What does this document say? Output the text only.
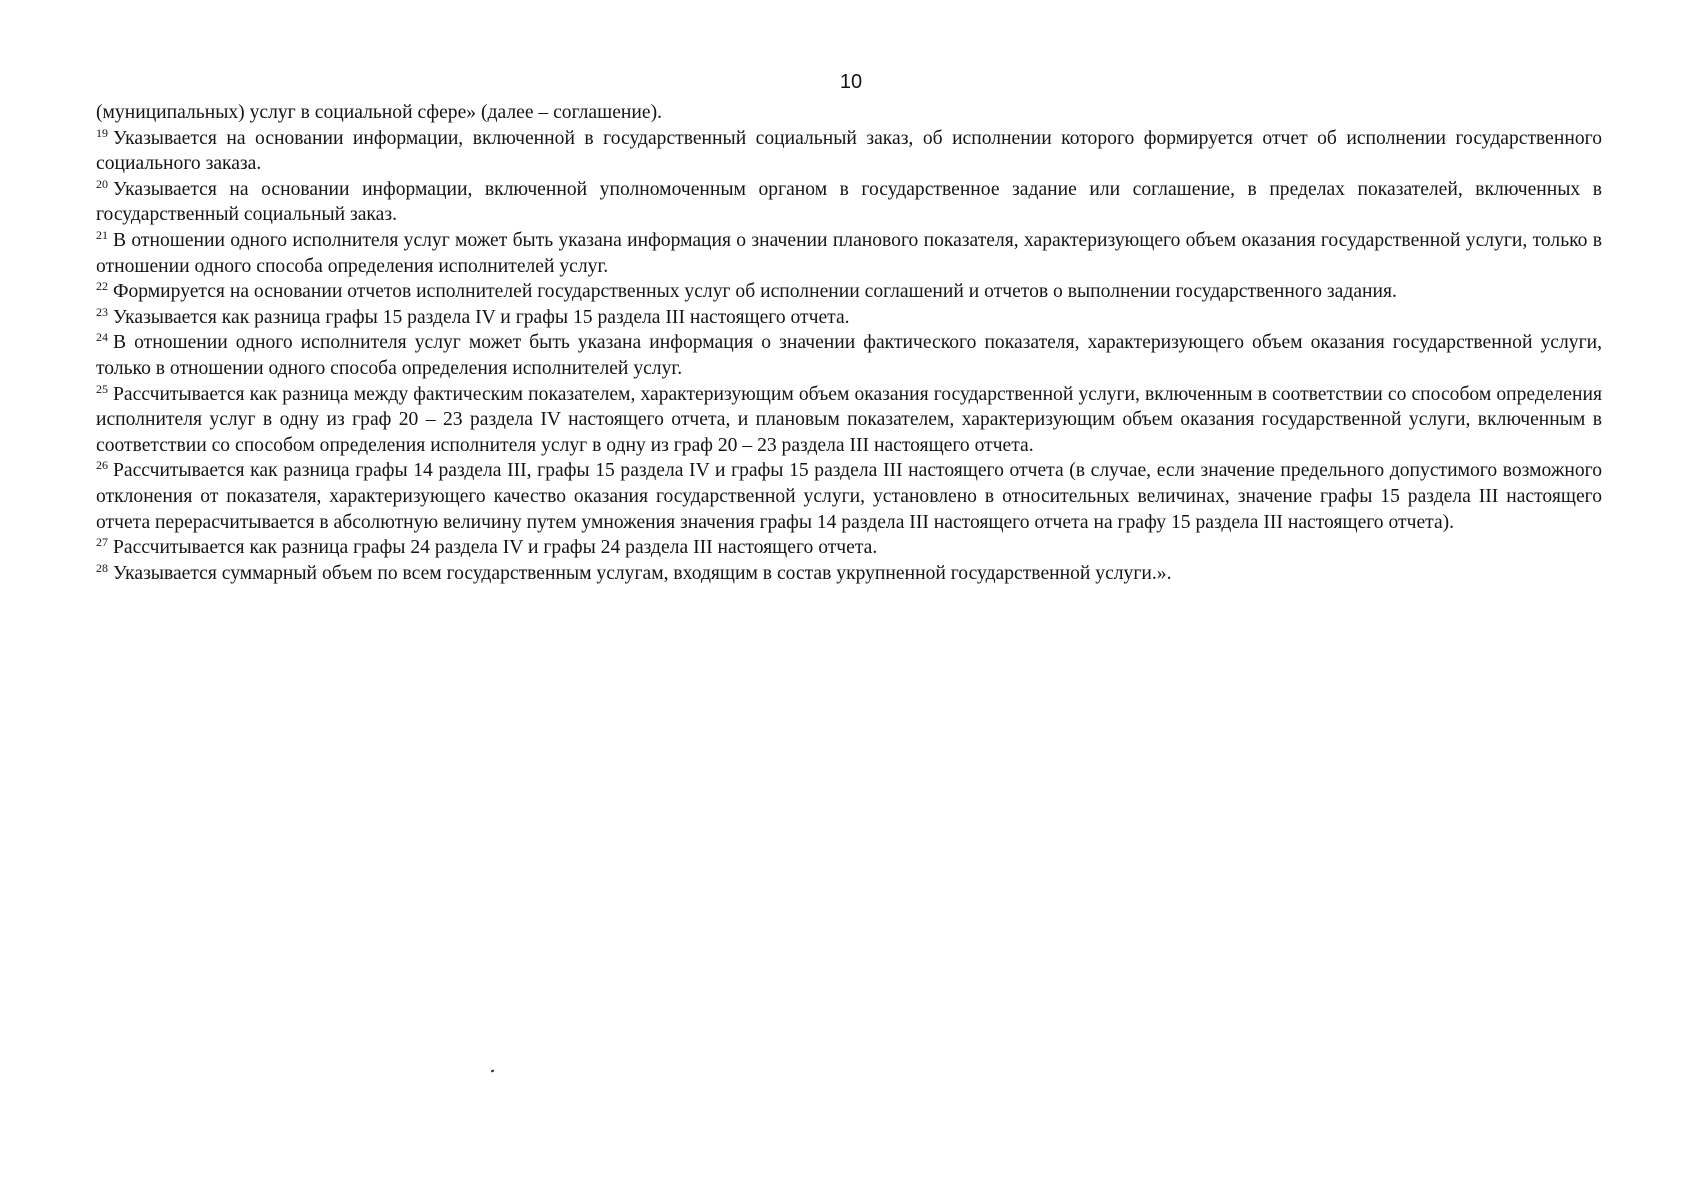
10

(муниципальных) услуг в социальной сфере» (далее – соглашение).

$^{19}$ Указывается на основании информации, включенной в государственный социальный заказ, об исполнении которого формируется отчет об исполнении государственного социального заказа.

$^{20}$ Указывается на основании информации, включенной уполномоченным органом в государственное задание или соглашение, в пределах показателей, включенных в государственный социальный заказ.

$^{21}$ В отношении одного исполнителя услуг может быть указана информация о значении планового показателя, характеризующего объем оказания государственной услуги, только в отношении одного способа определения исполнителей услуг.

$^{22}$ Формируется на основании отчетов исполнителей государственных услуг об исполнении соглашений и отчетов о выполнении государственного задания.

$^{23}$ Указывается как разница графы 15 раздела IV и графы 15 раздела III настоящего отчета.

$^{24}$ В отношении одного исполнителя услуг может быть указана информация о значении фактического показателя, характеризующего объем оказания государственной услуги, только в отношении одного способа определения исполнителей услуг.

$^{25}$ Рассчитывается как разница между фактическим показателем, характеризующим объем оказания государственной услуги, включенным в соответствии со способом определения исполнителя услуг в одну из граф 20 – 23 раздела IV настоящего отчета, и плановым показателем, характеризующим объем оказания государственной услуги, включенным в соответствии со способом определения исполнителя услуг в одну из граф 20 – 23 раздела III настоящего отчета.

$^{26}$ Рассчитывается как разница графы 14 раздела III, графы 15 раздела IV и графы 15 раздела III настоящего отчета (в случае, если значение предельного допустимого возможного отклонения от показателя, характеризующего качество оказания государственной услуги, установлено в относительных величинах, значение графы 15 раздела III настоящего отчета перерасчитывается в абсолютную величину путем умножения значения графы 14 раздела III настоящего отчета на графу 15 раздела III настоящего отчета).

$^{27}$ Рассчитывается как разница графы 24 раздела IV и графы 24 раздела III настоящего отчета.

$^{28}$ Указывается суммарный объем по всем государственным услугам, входящим в состав укрупненной государственной услуги.».
